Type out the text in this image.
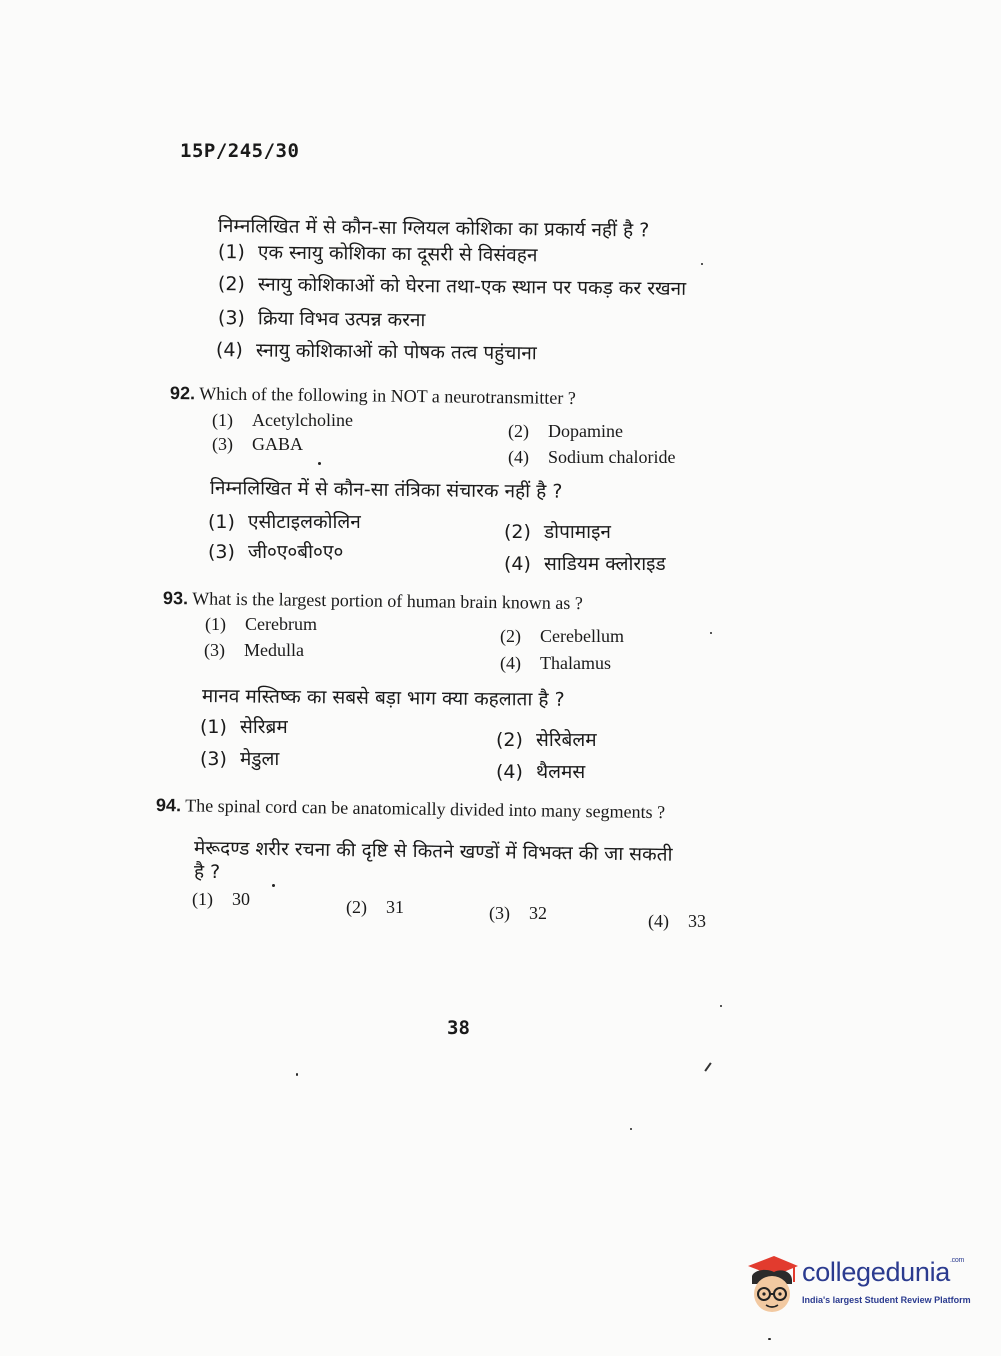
15P/245/30
निम्नलिखित में से कौन-सा ग्लियल कोशिका का प्रकार्य नहीं है ?
(1) एक स्नायु कोशिका का दूसरी से विसंवहन
(2) स्नायु कोशिकाओं को घेरना तथा-एक स्थान पर पकड़ कर रखना
(3) क्रिया विभव उत्पन्न करना
(4) स्नायु कोशिकाओं को पोषक तत्व पहुंचाना
92. Which of the following in NOT a neurotransmitter ?
(1) Acetylcholine
(2) Dopamine
(3) GABA
(4) Sodium chaloride
निम्नलिखित में से कौन-सा तंत्रिका संचारक नहीं है ?
(1) एसीटाइलकोलिन	(2) डोपामाइन
(3) जी०ए०बी०ए०
(4) साडियम क्लोराइड
93. What is the largest portion of human brain known as ?
(1) Cerebrum
(2) Cerebellum
(3) Medulla
(4) Thalamus
मानव मस्तिष्क का सबसे बड़ा भाग क्या कहलाता है ?
(1) सेरिब्रम
(2) सेरिबेलम
(3) मेडुला
(4) थैलमस
94. The spinal cord can be anatomically divided into many segments ?
मेरूदण्ड शरीर रचना की दृष्टि से कितने खण्डों में विभक्त की जा सकती
है ?
(1) 30	(2) 31	(3) 32	(4) 33
38
collegedunia$^{.com}$
India's largest Student Review Platform
